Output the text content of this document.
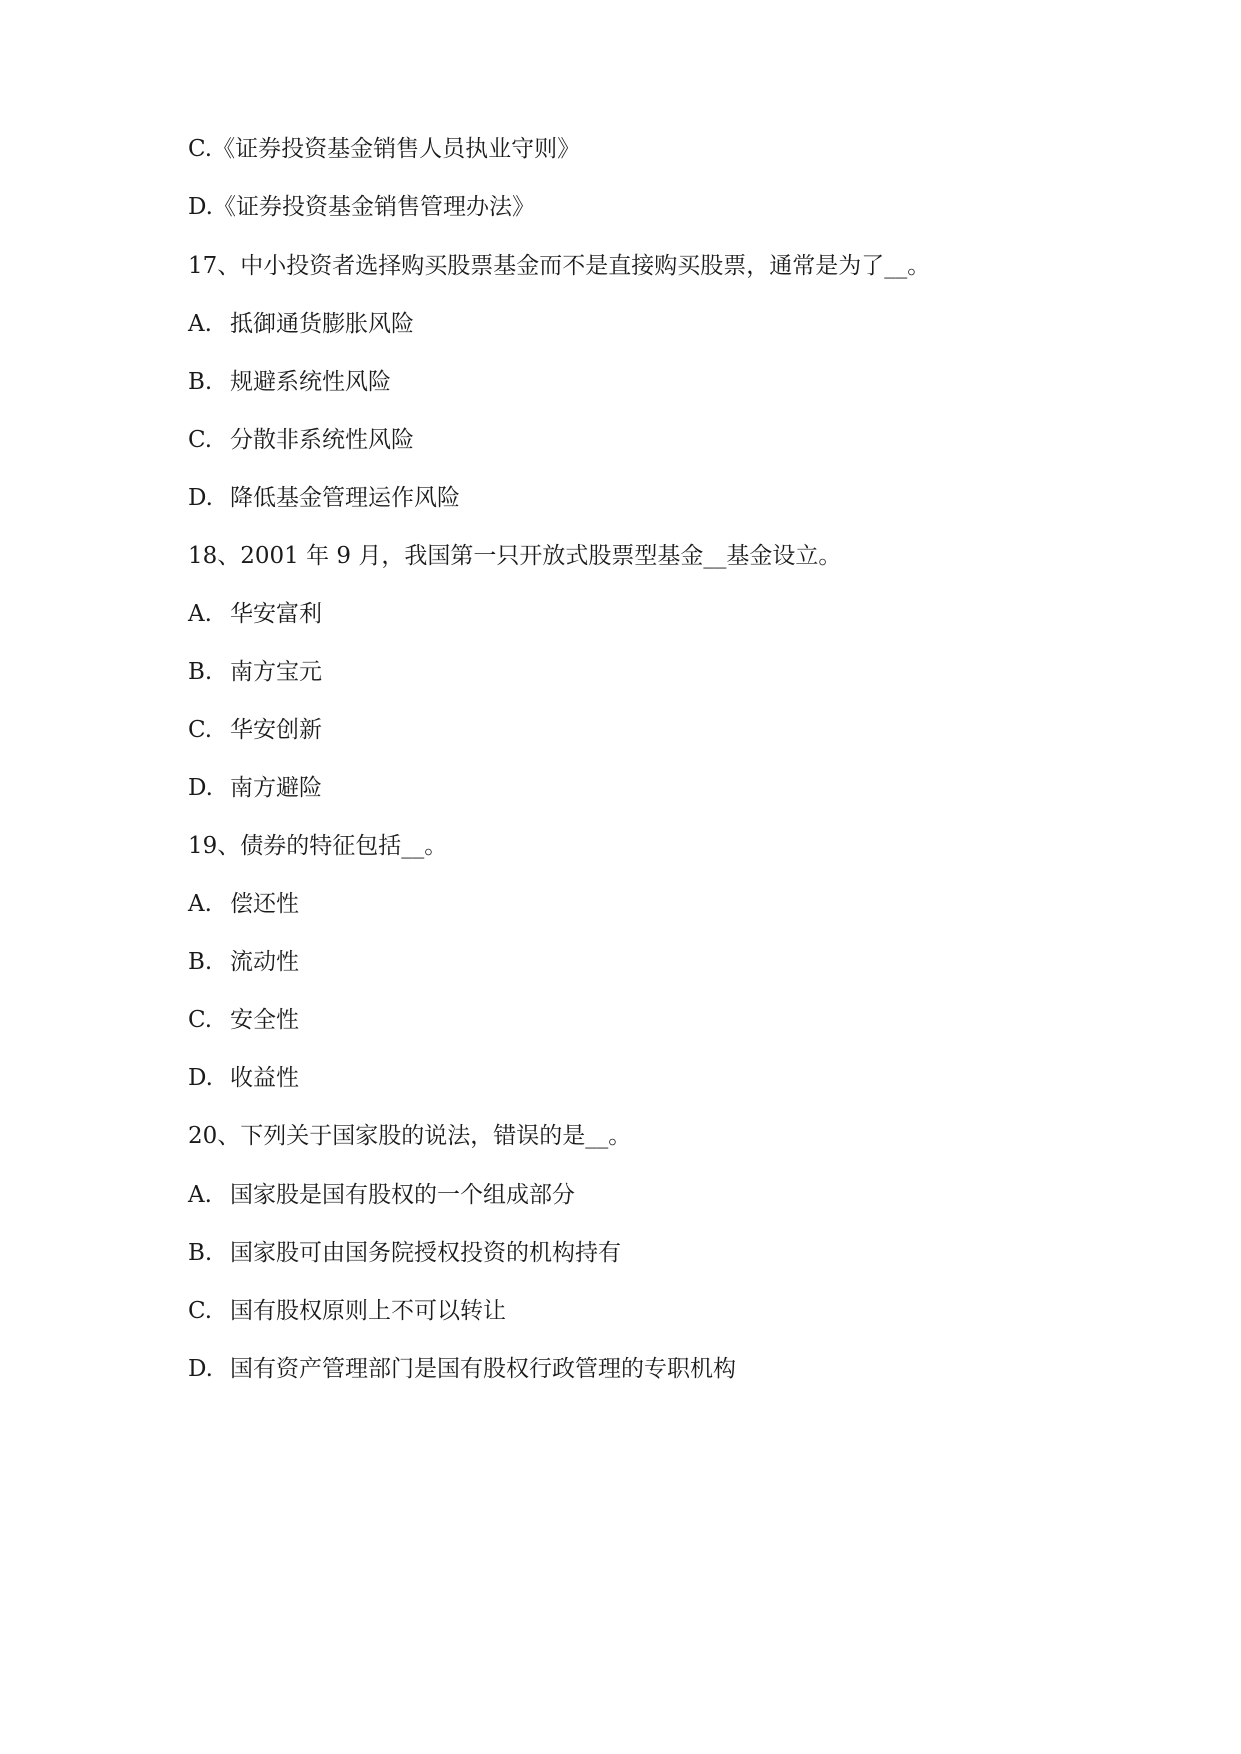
C.《证券投资基金销售人员执业守则》

D.《证券投资基金销售管理办法》

17、中小投资者选择购买股票基金而不是直接购买股票，通常是为了__。

A. 抵御通货膨胀风险

B. 规避系统性风险

C. 分散非系统性风险

D. 降低基金管理运作风险

18、2001 年 9 月，我国第一只开放式股票型基金__基金设立。

A. 华安富利

B. 南方宝元

C. 华安创新

D. 南方避险

19、债券的特征包括__。

A. 偿还性

B. 流动性

C. 安全性

D. 收益性

20、下列关于国家股的说法，错误的是__。

A. 国家股是国有股权的一个组成部分

B. 国家股可由国务院授权投资的机构持有

C. 国有股权原则上不可以转让

D. 国有资产管理部门是国有股权行政管理的专职机构
